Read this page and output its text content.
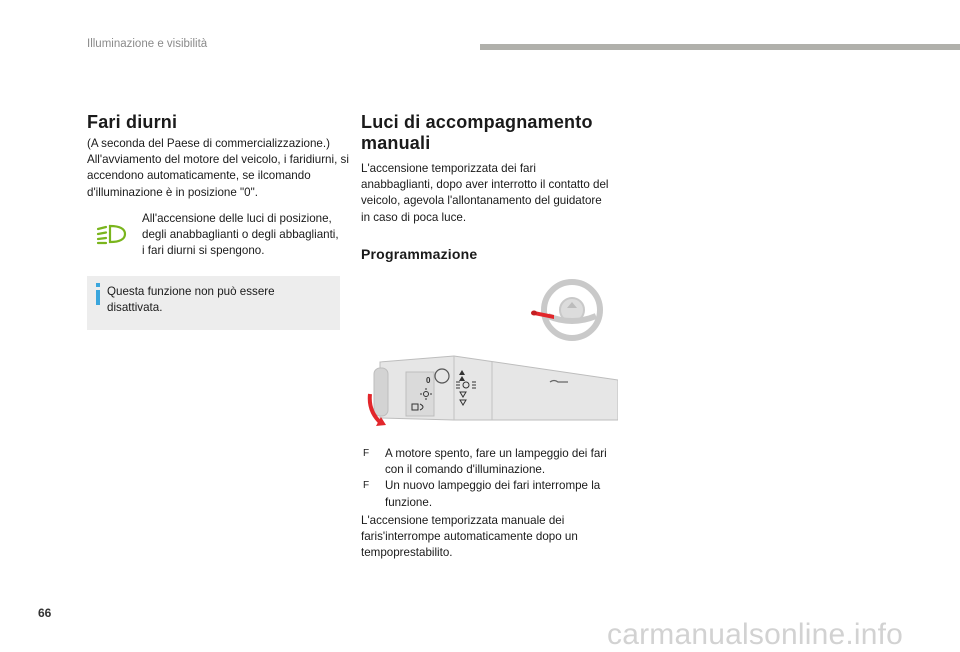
Illuminazione e visibilità
Fari diurni
(A seconda del Paese di commercializzazione.) All'avviamento del motore del veicolo, i faridiurni, si accendono automaticamente, se ilcomando d'illuminazione è in posizione "0".
All'accensione delle luci di posizione, degli anabbaglianti o degli abbaglianti, i fari diurni si spengono.
Questa funzione non può essere disattivata.
Luci di accompagnamento manuali
L'accensione temporizzata dei fari anabbaglianti, dopo aver interrotto il contatto del veicolo, agevola l'allontanamento del guidatore in caso di poca luce.
Programmazione
0
F A motore spento, fare un lampeggio dei fari con il comando d'illuminazione.
F Un nuovo lampeggio dei fari interrompe la funzione.
L'accensione temporizzata manuale dei faris'interrompe automaticamente dopo un tempoprestabilito.
66
carmanualsonline.info
